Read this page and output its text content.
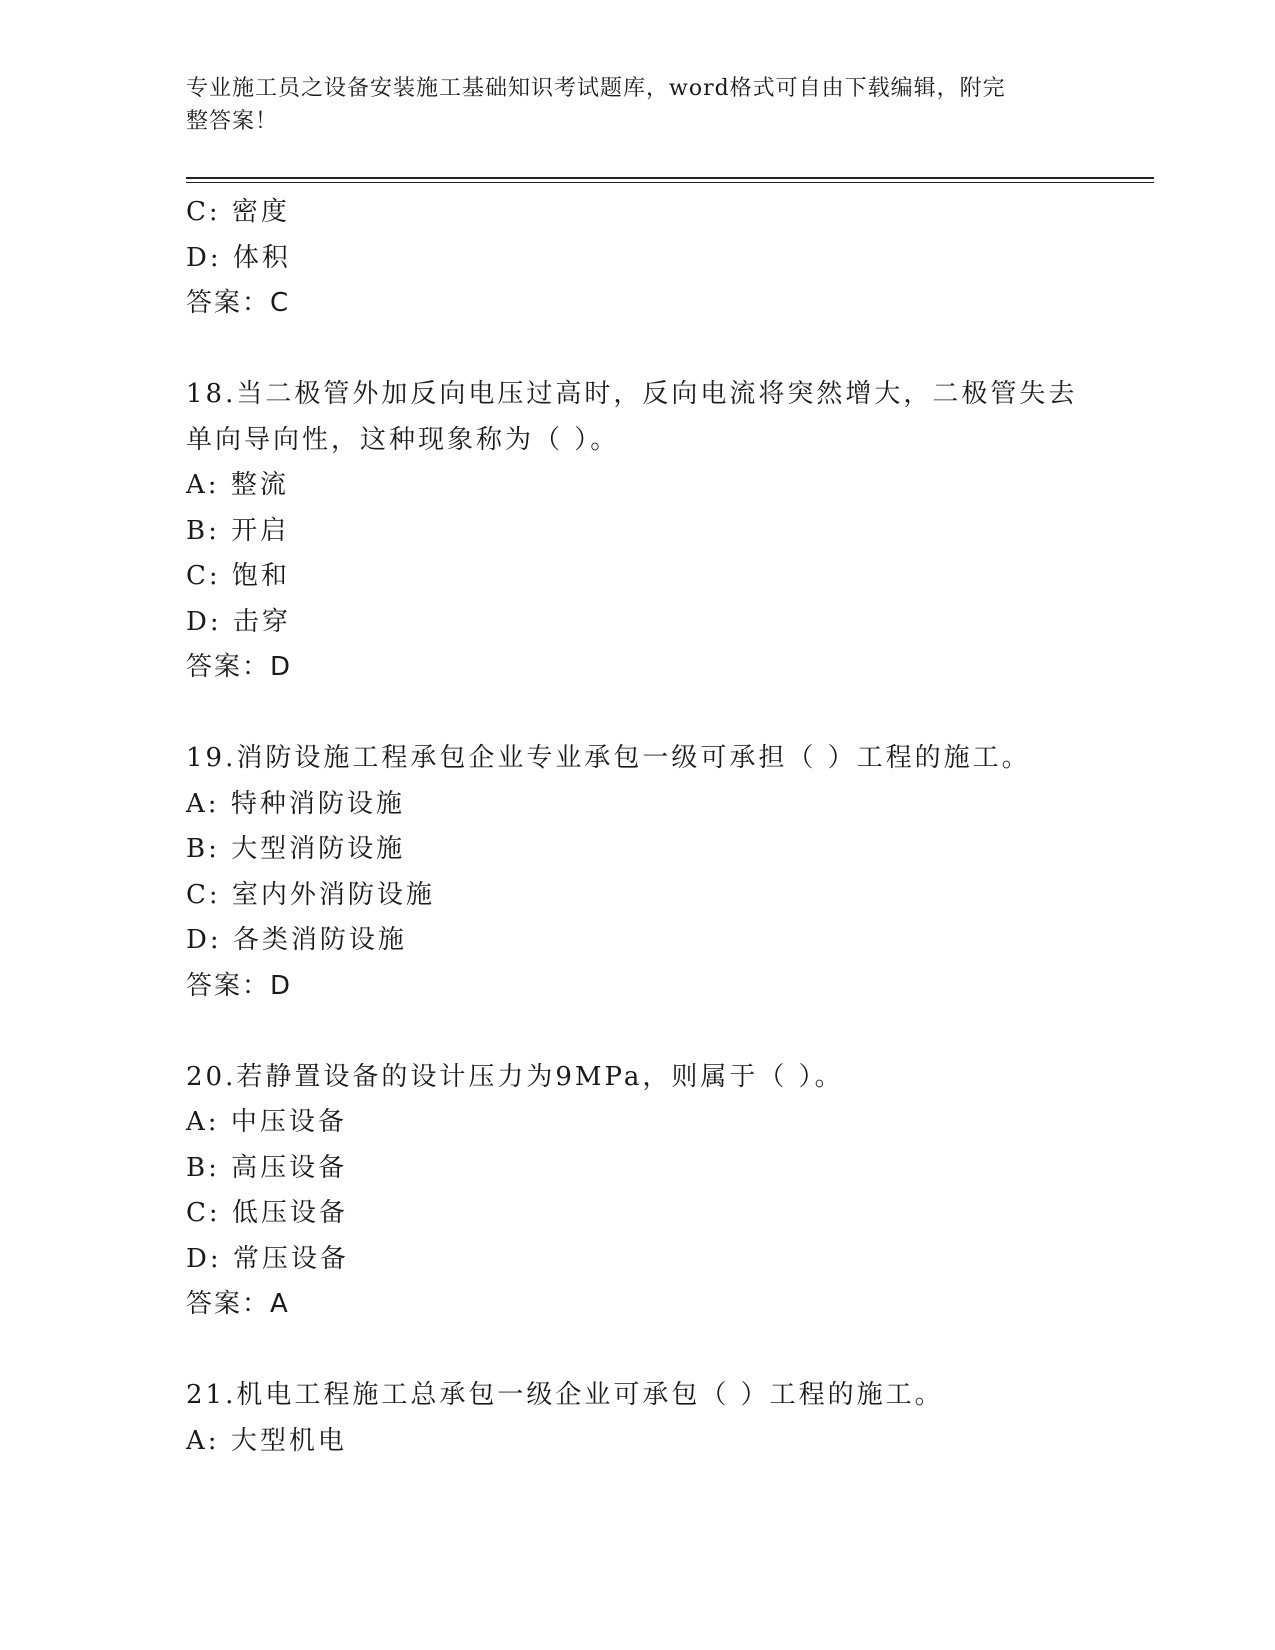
专业施工员之设备安装施工基础知识考试题库，word格式可自由下载编辑，附完
整答案！
C: 密度
D: 体积
答案：C
18.当二极管外加反向电压过高时，反向电流将突然增大，二极管失去
单向导向性，这种现象称为（ ）。
A: 整流
B: 开启
C: 饱和
D: 击穿
答案：D
19.消防设施工程承包企业专业承包一级可承担（ ）工程的施工。
A: 特种消防设施
B: 大型消防设施
C: 室内外消防设施
D: 各类消防设施
答案：D
20.若静置设备的设计压力为9MPa，则属于（ ）。
A: 中压设备
B: 高压设备
C: 低压设备
D: 常压设备
答案：A
21.机电工程施工总承包一级企业可承包（ ）工程的施工。
A: 大型机电
